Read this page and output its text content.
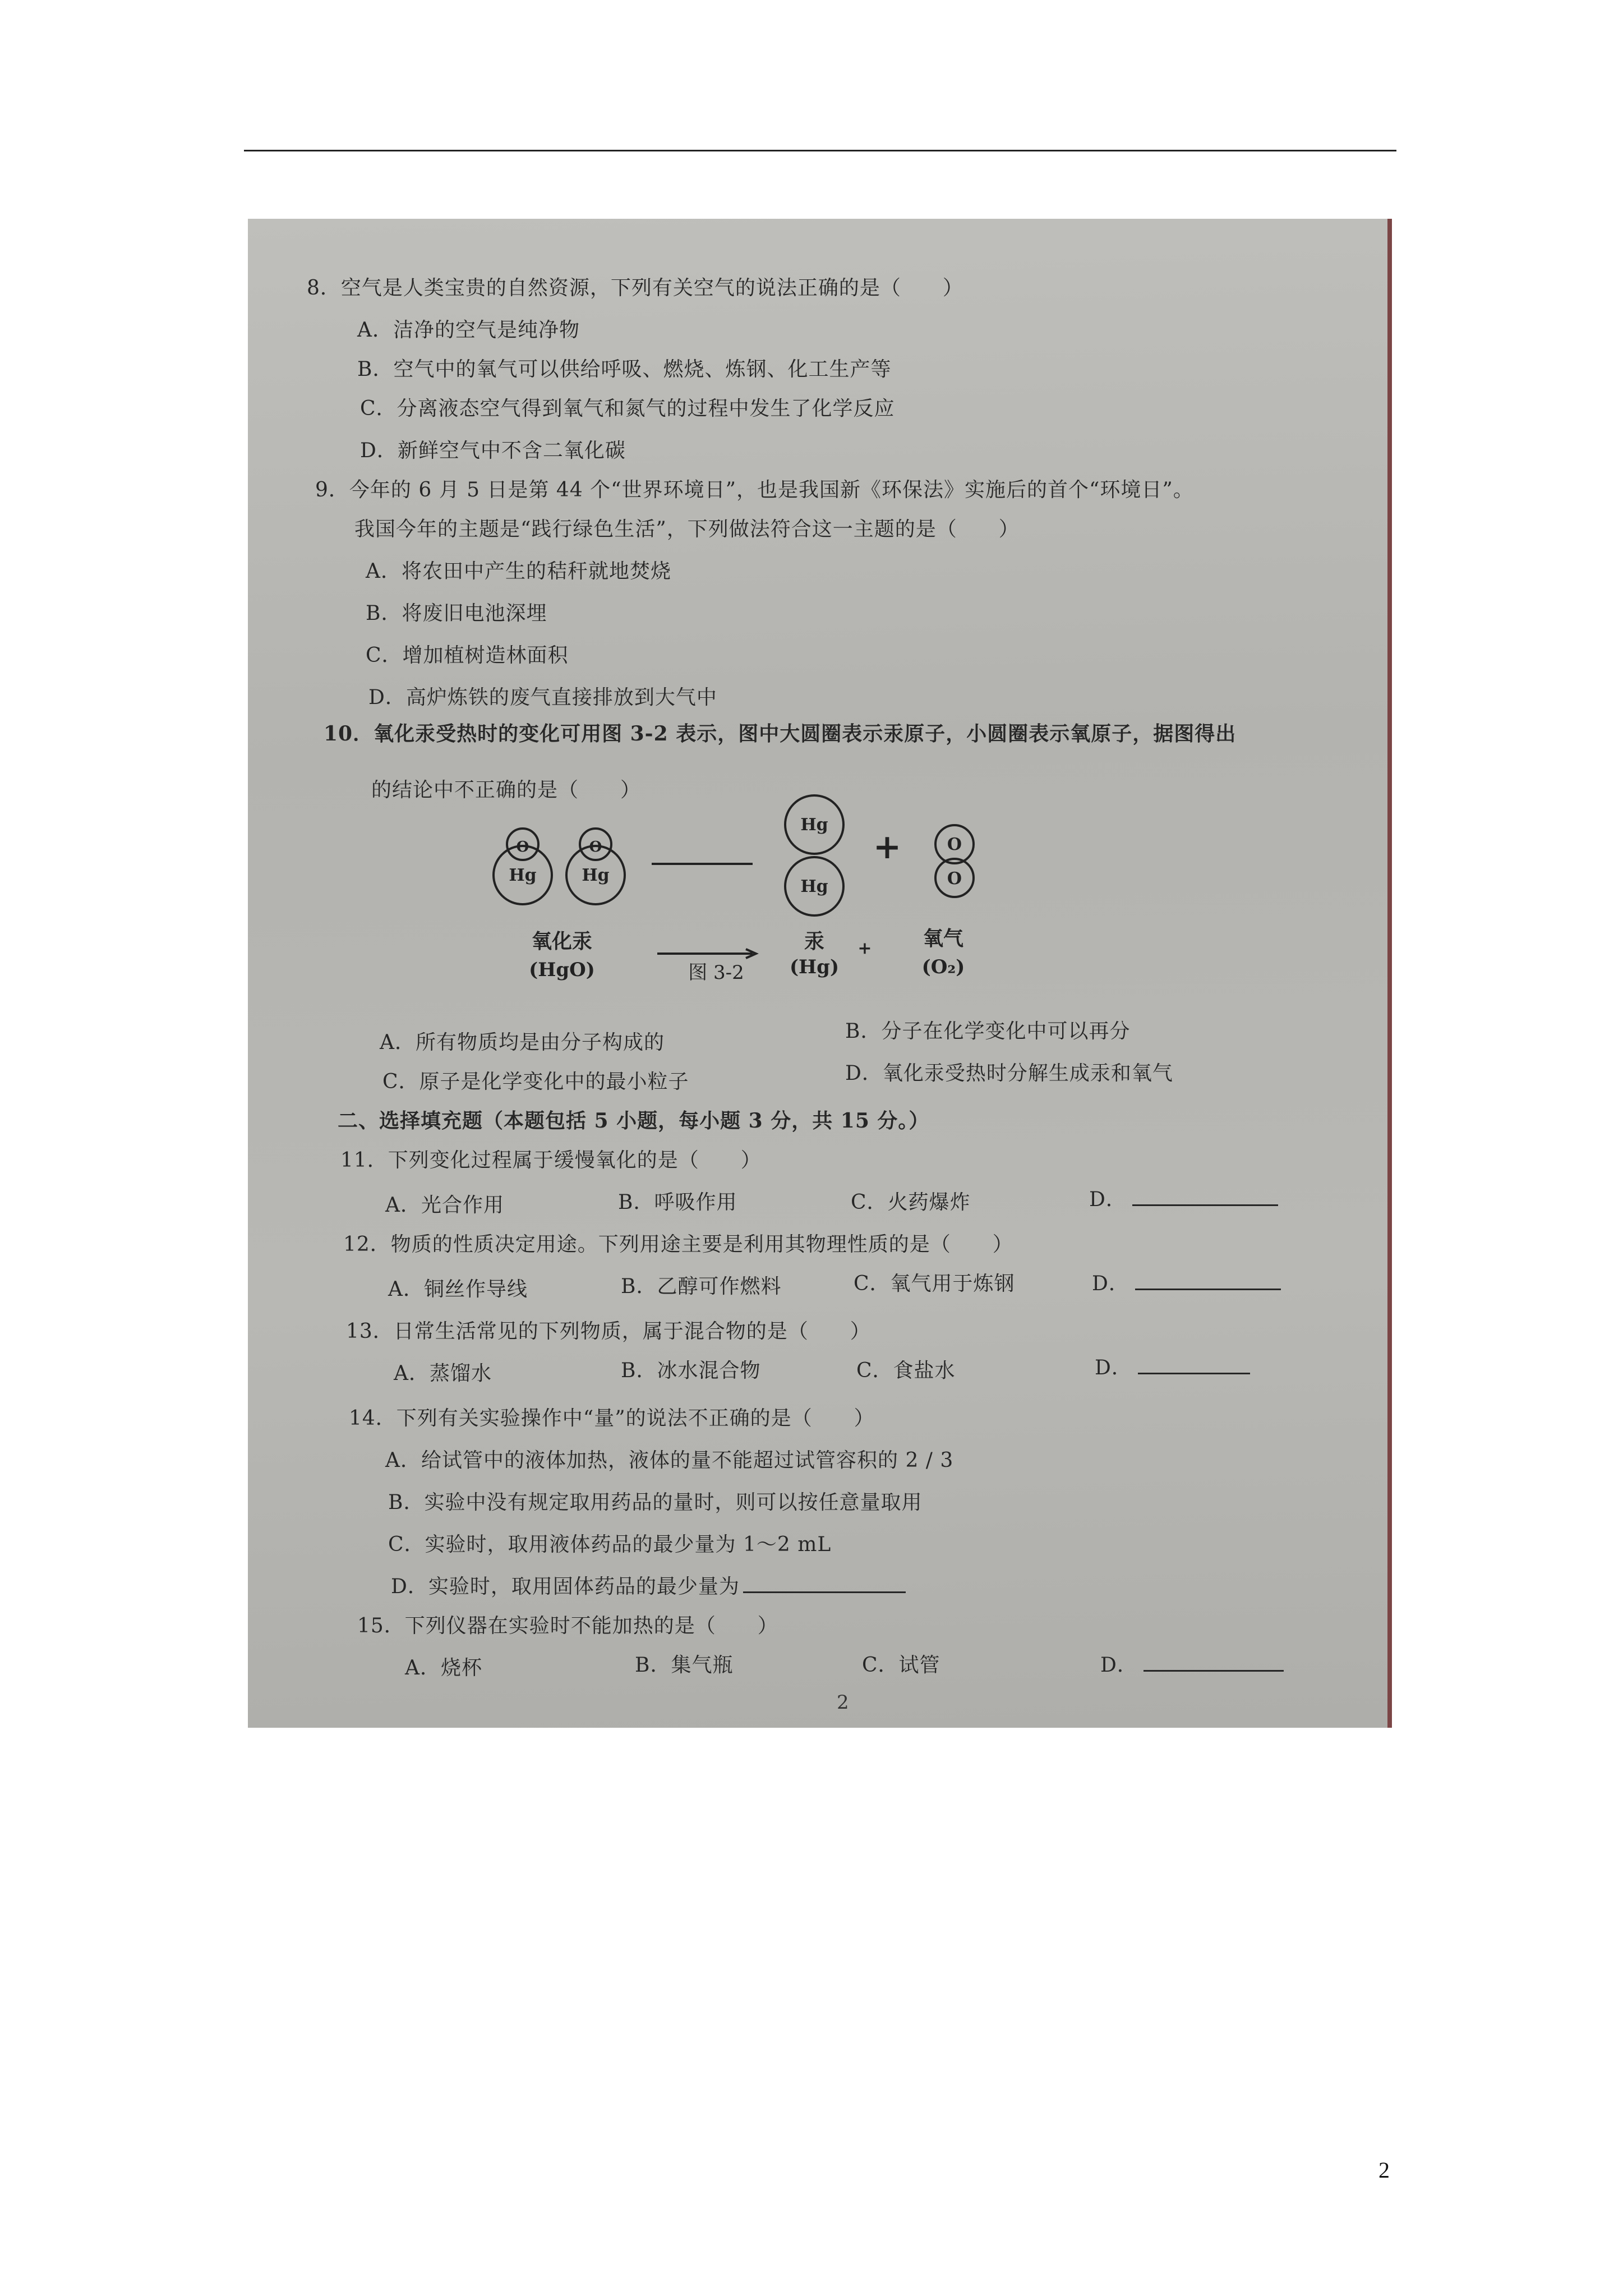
8．空气是人类宝贵的自然资源，下列有关空气的说法正确的是（　　）
A．洁净的空气是纯净物
B．空气中的氧气可以供给呼吸、燃烧、炼钢、化工生产等
C．分离液态空气得到氧气和氮气的过程中发生了化学反应
D．新鲜空气中不含二氧化碳
9．今年的 6 月 5 日是第 44 个“世界环境日”，也是我国新《环保法》实施后的首个“环境日”。
我国今年的主题是“践行绿色生活”，下列做法符合这一主题的是（　　）
A．将农田中产生的秸秆就地焚烧
B．将废旧电池深埋
C．增加植树造林面积
D．高炉炼铁的废气直接排放到大气中
10．氧化汞受热时的变化可用图 3-2 表示，图中大圆圈表示汞原子，小圆圈表示氧原子，据图得出
的结论中不正确的是（　　）
O
Hg
O
Hg
Hg
Hg
+	O
O
氧化汞
(HgO)
汞
(Hg)
+	氧气
(O₂)
图 3-2
A．所有物质均是由分子构成的	B．分子在化学变化中可以再分
C．原子是化学变化中的最小粒子	D．氧化汞受热时分解生成汞和氧气
二、选择填充题（本题包括 5 小题，每小题 3 分，共 15 分。）
11．下列变化过程属于缓慢氧化的是（　　）
A．光合作用	B．呼吸作用	C．火药爆炸	D．
12．物质的性质决定用途。下列用途主要是利用其物理性质的是（　　）
A．铜丝作导线	B．乙醇可作燃料	C．氧气用于炼钢	D．
13．日常生活常见的下列物质，属于混合物的是（　　）
A．蒸馏水	B．冰水混合物	C．食盐水	D．
14．下列有关实验操作中“量”的说法不正确的是（　　）
A．给试管中的液体加热，液体的量不能超过试管容积的 2 / 3
B．实验中没有规定取用药品的量时，则可以按任意量取用
C．实验时，取用液体药品的最少量为 1～2 mL
D．实验时，取用固体药品的最少量为
15．下列仪器在实验时不能加热的是（　　）
A．烧杯	B．集气瓶	C．试管	D．
2
2
